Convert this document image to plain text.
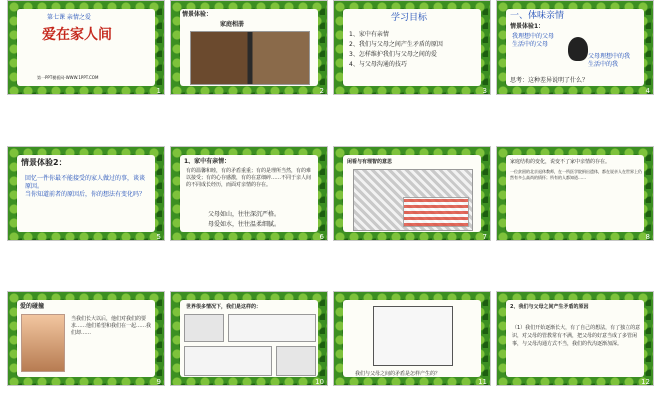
第七课 亲情之爱
爱在家人间
第一PPT模板网-WWW.1PPT.COM
1
情景体验：
家庭相册
2
学习目标
1、家中有亲情
2、我们与父母之间产生矛盾的原因
3、怎样维护我们与父母之间的爱
4、与父母沟通的技巧
3
一、体味亲情
情景体验1：
我理想中的父母
生活中的父母
父母理想中的我
生活中的我
思考：这种差异说明了什么？
4
情景体验2：
回忆一件你最不能接受的家人做过的事，谈谈原因。
当你知道前者的原因后，你的想法有变化吗？
5
1、家中有亲情：
有的温馨和睦，有的矛盾重重；有的是理所当然，有的难以接受；有的心存感激，有的在意细碎……不同于亲人间的不同成长经历，而面对亲情的存在。
父母如山，往往深沉严格。
母爱如水，往往温柔细腻。
6
闲看与有理智的意思
7
家庭结构的变化，说变不了家中亲情的存在。
一位贫困的北京退休教师，在一所医学院捐出遗体，都在说亲人在世界上仍然有多么高尚的情怀；所有的人都知道……
8
爱的碰撞
当我们长大以后，他们对我们的要求……他们希望和我们在一起……我们却……
9
世界很多情况下，我们是这样的：
10
我们与父母之间的矛盾是怎样产生的？
11
2、我们与父母之间产生矛盾的原因
（1）我们开始逐渐长大，有了自己的想法，有了独立的意识，对父母的管教常有不满，把父母的好意当成了多管闲事，与父母沟通方式不当，我们的代沟逐渐加深。
12
